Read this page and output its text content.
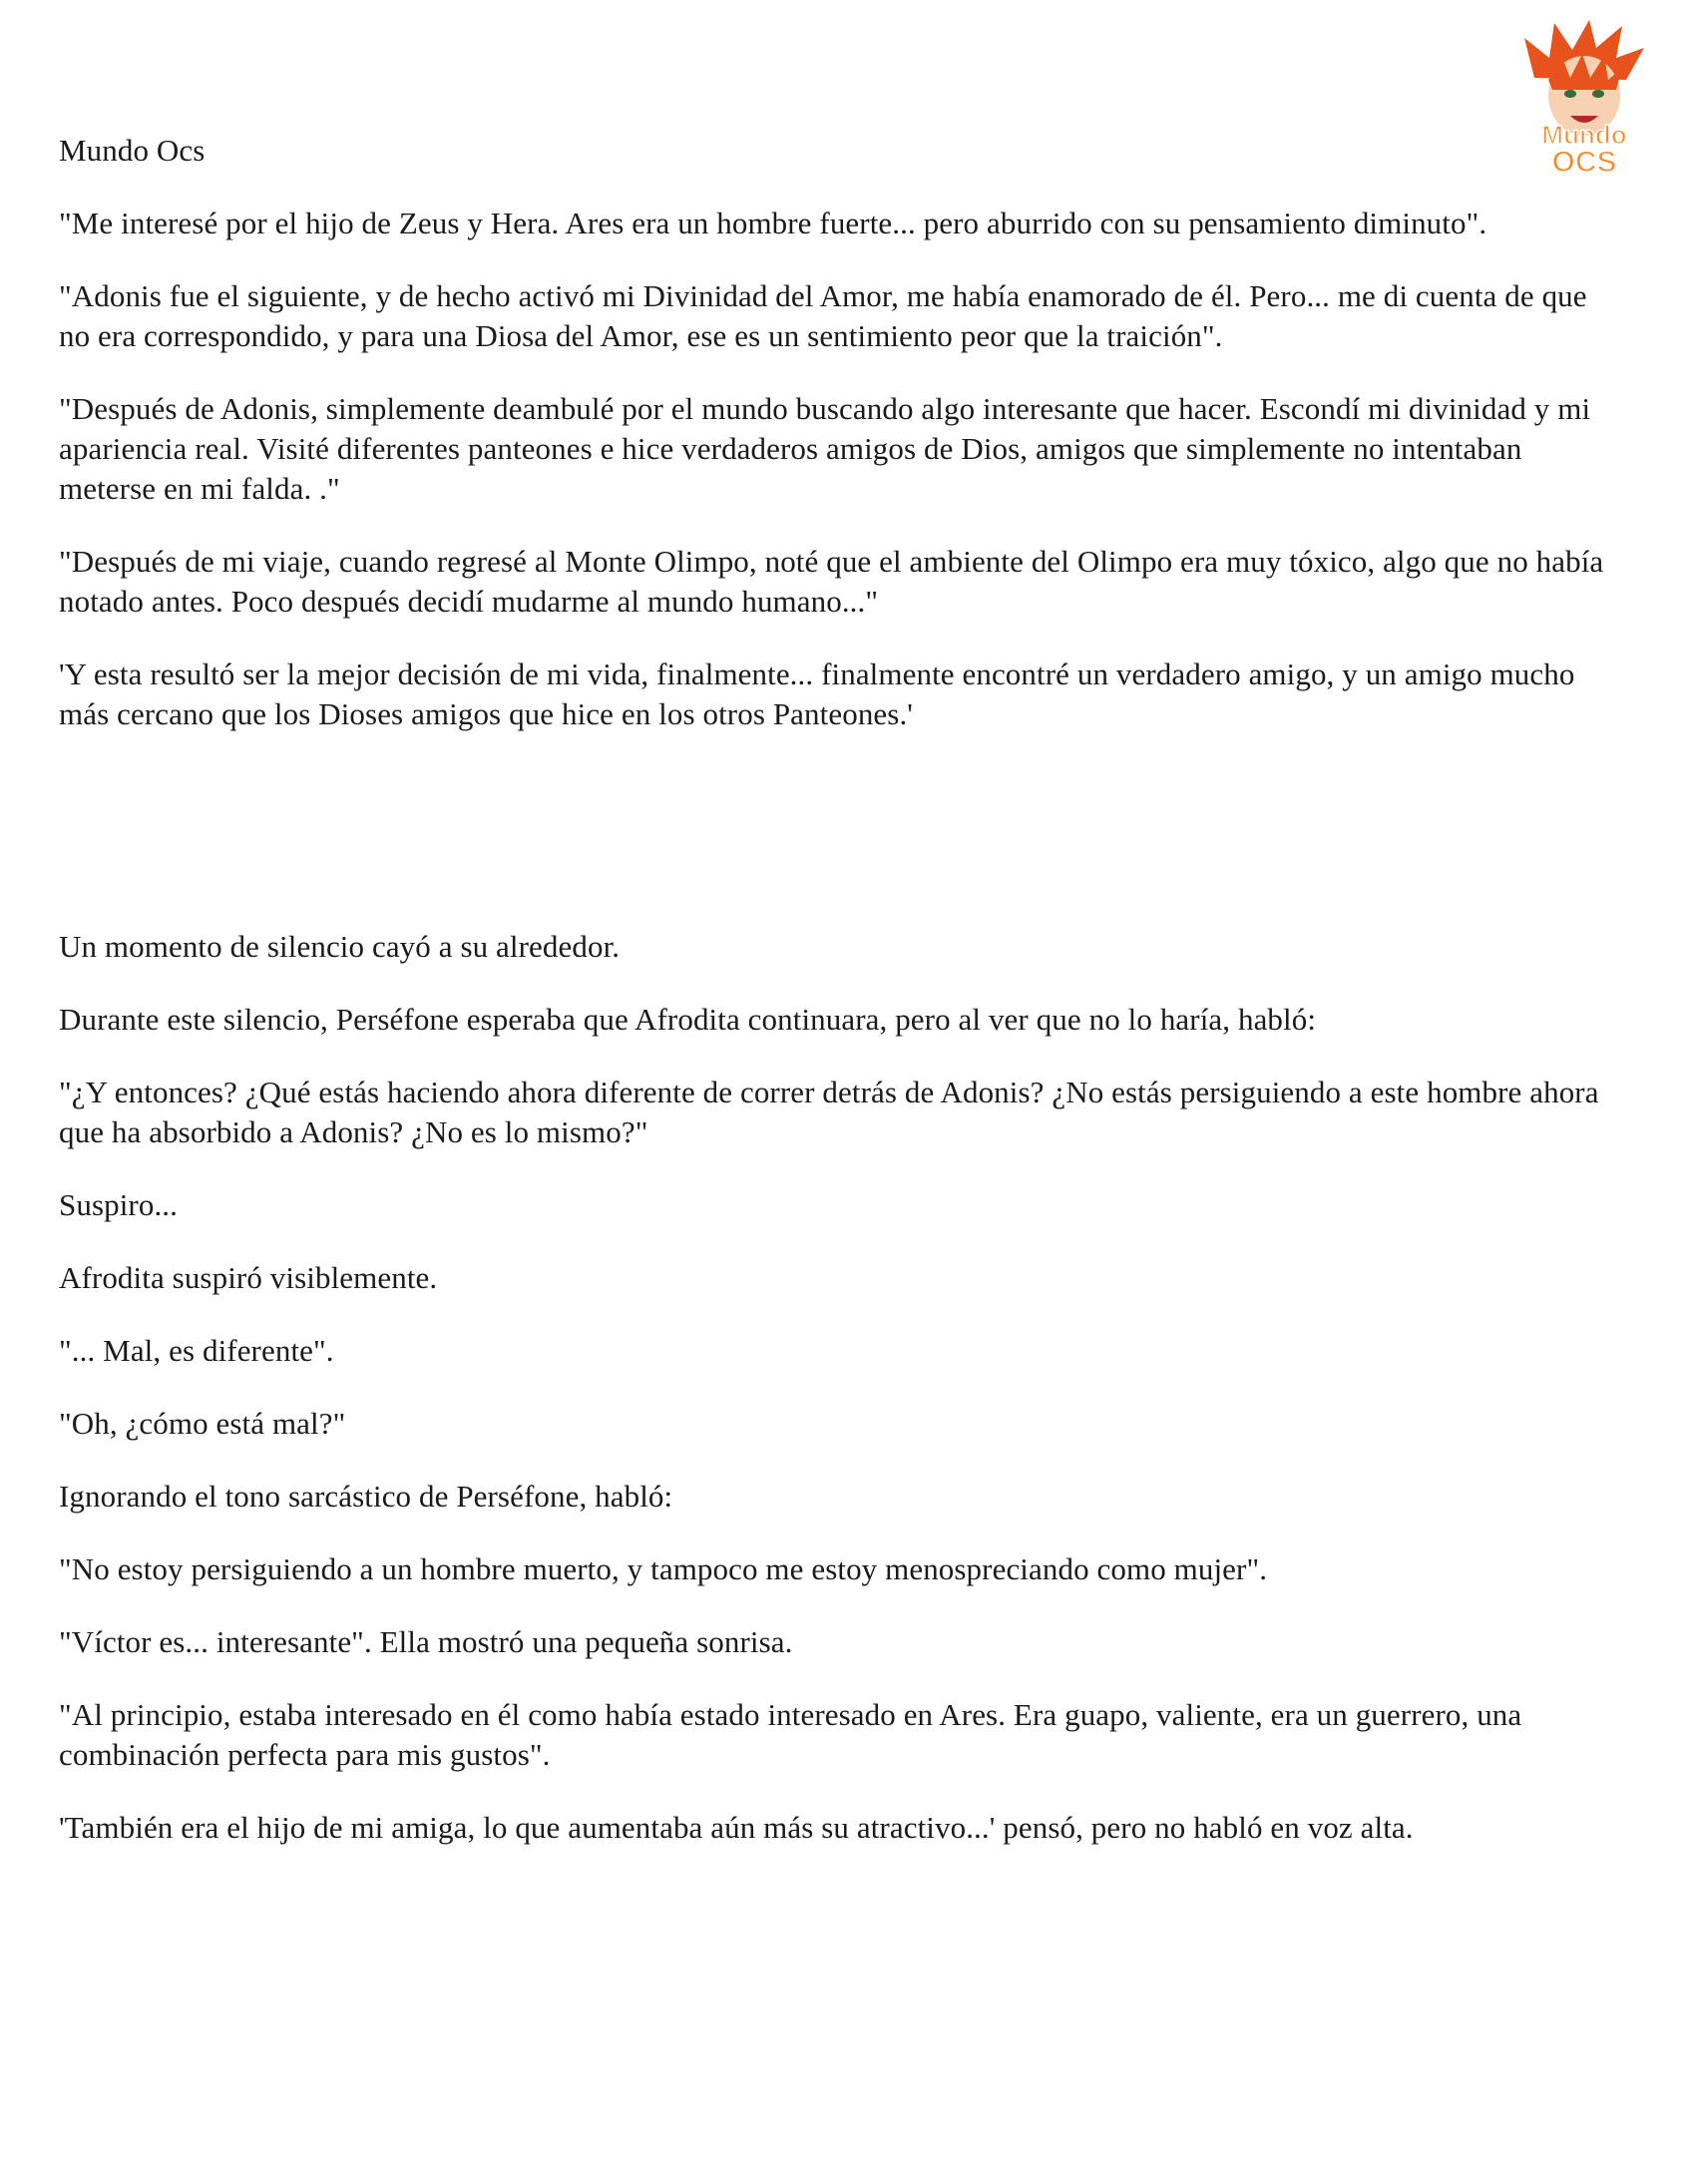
Mundo
OCS

Mundo Ocs

"Me interesé por el hijo de Zeus y Hera. Ares era un hombre fuerte... pero aburrido con su pensamiento diminuto".

"Adonis fue el siguiente, y de hecho activó mi Divinidad del Amor, me había enamorado de él. Pero... me di cuenta de que no era correspondido, y para una Diosa del Amor, ese es un sentimiento peor que la traición".

"Después de Adonis, simplemente deambulé por el mundo buscando algo interesante que hacer. Escondí mi divinidad y mi apariencia real. Visité diferentes panteones e hice verdaderos amigos de Dios, amigos que simplemente no intentaban meterse en mi falda. ."

"Después de mi viaje, cuando regresé al Monte Olimpo, noté que el ambiente del Olimpo era muy tóxico, algo que no había notado antes. Poco después decidí mudarme al mundo humano..."

'Y esta resultó ser la mejor decisión de mi vida, finalmente... finalmente encontré un verdadero amigo, y un amigo mucho más cercano que los Dioses amigos que hice en los otros Panteones.'

Un momento de silencio cayó a su alrededor.

Durante este silencio, Perséfone esperaba que Afrodita continuara, pero al ver que no lo haría, habló:

"¿Y entonces? ¿Qué estás haciendo ahora diferente de correr detrás de Adonis? ¿No estás persiguiendo a este hombre ahora que ha absorbido a Adonis? ¿No es lo mismo?"

Suspiro...

Afrodita suspiró visiblemente.

"... Mal, es diferente".

"Oh, ¿cómo está mal?"

Ignorando el tono sarcástico de Perséfone, habló:

"No estoy persiguiendo a un hombre muerto, y tampoco me estoy menospreciando como mujer".

"Víctor es... interesante". Ella mostró una pequeña sonrisa.

"Al principio, estaba interesado en él como había estado interesado en Ares. Era guapo, valiente, era un guerrero, una combinación perfecta para mis gustos".

'También era el hijo de mi amiga, lo que aumentaba aún más su atractivo...' pensó, pero no habló en voz alta.
